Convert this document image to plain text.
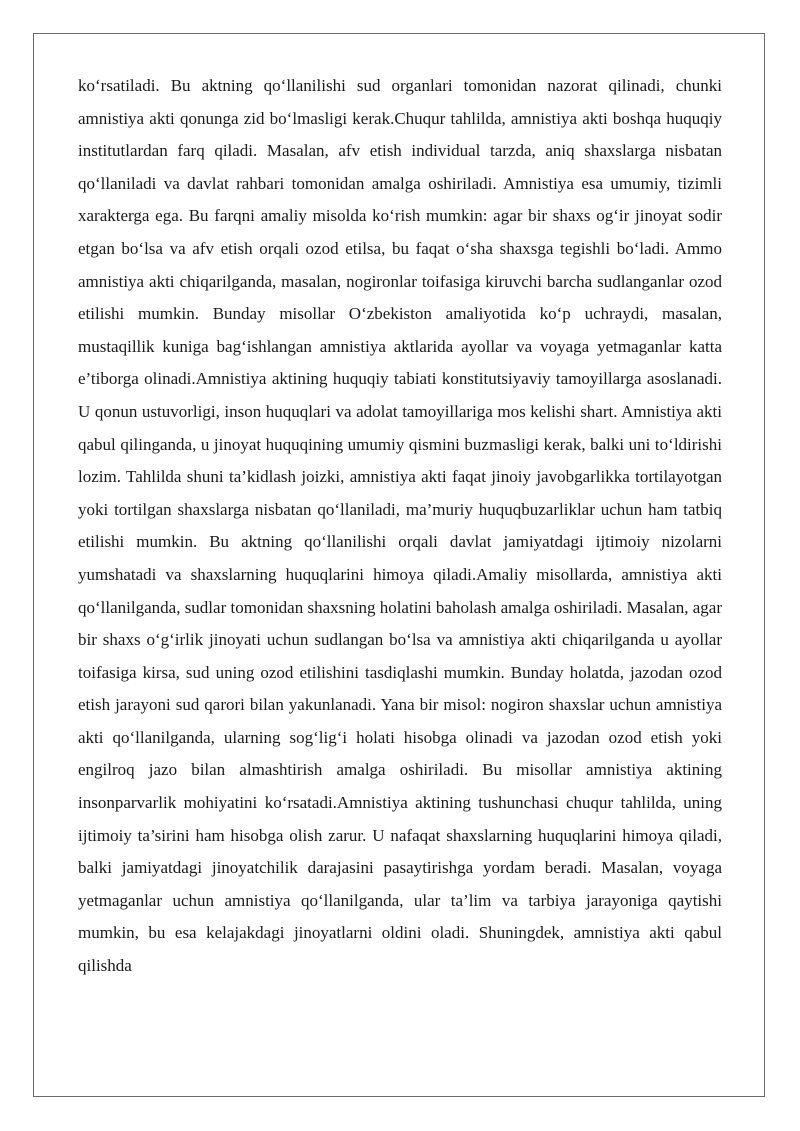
ko‘rsatiladi. Bu aktning qo‘llanilishi sud organlari tomonidan nazorat qilinadi, chunki amnistiya akti qonunga zid bo‘lmasligi kerak.Chuqur tahlilda, amnistiya akti boshqa huquqiy institutlardan farq qiladi. Masalan, afv etish individual tarzda, aniq shaxslarga nisbatan qo‘llaniladi va davlat rahbari tomonidan amalga oshiriladi. Amnistiya esa umumiy, tizimli xarakterga ega. Bu farqni amaliy misolda ko‘rish mumkin: agar bir shaxs og‘ir jinoyat sodir etgan bo‘lsa va afv etish orqali ozod etilsa, bu faqat o‘sha shaxsga tegishli bo‘ladi. Ammo amnistiya akti chiqarilganda, masalan, nogironlar toifasiga kiruvchi barcha sudlanganlar ozod etilishi mumkin. Bunday misollar O‘zbekiston amaliyotida ko‘p uchraydi, masalan, mustaqillik kuniga bag‘ishlangan amnistiya aktlarida ayollar va voyaga yetmaganlar katta e’tiborga olinadi.Amnistiya aktining huquqiy tabiati konstitutsiyaviy tamoyillarga asoslanadi. U qonun ustuvorligi, inson huquqlari va adolat tamoyillariga mos kelishi shart. Amnistiya akti qabul qilinganda, u jinoyat huquqining umumiy qismini buzmasligi kerak, balki uni to‘ldirishi lozim. Tahlilda shuni ta’kidlash joizki, amnistiya akti faqat jinoiy javobgarlikka tortilayotgan yoki tortilgan shaxslarga nisbatan qo‘llaniladi, ma’muriy huquqbuzarliklar uchun ham tatbiq etilishi mumkin. Bu aktning qo‘llanilishi orqali davlat jamiyatdagi ijtimoiy nizolarni yumshatadi va shaxslarning huquqlarini himoya qiladi.Amaliy misollarda, amnistiya akti qo‘llanilganda, sudlar tomonidan shaxsning holatini baholash amalga oshiriladi. Masalan, agar bir shaxs o‘g‘irlik jinoyati uchun sudlangan bo‘lsa va amnistiya akti chiqarilganda u ayollar toifasiga kirsa, sud uning ozod etilishini tasdiqlashi mumkin. Bunday holatda, jazodan ozod etish jarayoni sud qarori bilan yakunlanadi. Yana bir misol: nogiron shaxslar uchun amnistiya akti qo‘llanilganda, ularning sog‘lig‘i holati hisobga olinadi va jazodan ozod etish yoki engilroq jazo bilan almashtirish amalga oshiriladi. Bu misollar amnistiya aktining insonparvarlik mohiyatini ko‘rsatadi.Amnistiya aktining tushunchasi chuqur tahlilda, uning ijtimoiy ta’sirini ham hisobga olish zarur. U nafaqat shaxslarning huquqlarini himoya qiladi, balki jamiyatdagi jinoyatchilik darajasini pasaytirishga yordam beradi. Masalan, voyaga yetmaganlar uchun amnistiya qo‘llanilganda, ular ta’lim va tarbiya jarayoniga qaytishi mumkin, bu esa kelajakdagi jinoyatlarni oldini oladi. Shuningdek, amnistiya akti qabul qilishda
